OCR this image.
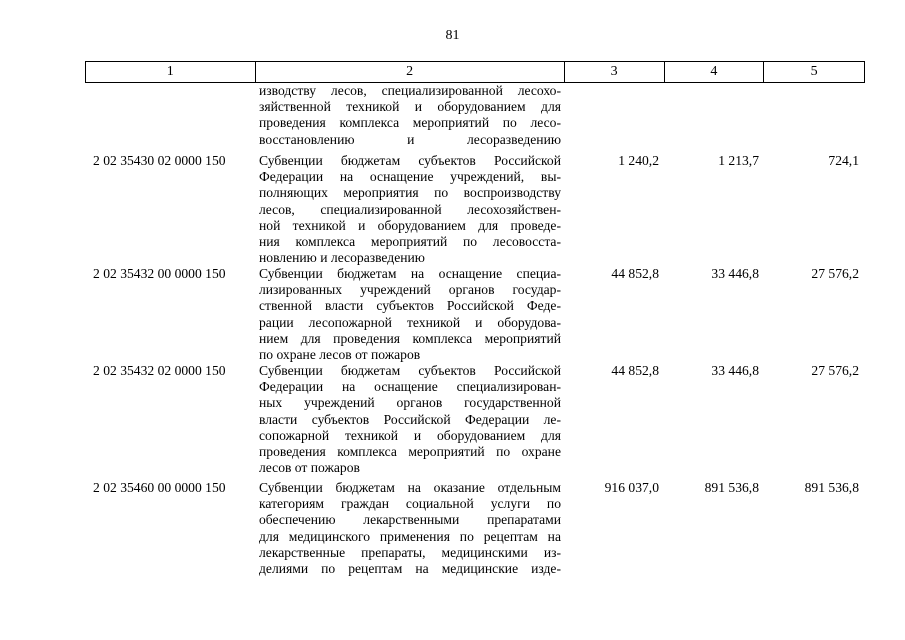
81
1	2	3	4	5
изводству лесов, специализированной лесохо-
зяйственной техникой и оборудованием для
проведения комплекса мероприятий по лесо-
восстановлению и лесоразведению
2 02 35430 02 0000 150	Субвенции бюджетам субъектов Российской
Федерации на оснащение учреждений, вы-
полняющих мероприятия по воспроизводству
лесов, специализированной лесохозяйствен-
ной техникой и оборудованием для проведе-
ния комплекса мероприятий по лесовосста-
новлению и лесоразведению
1 240,2	1 213,7	724,1
2 02 35432 00 0000 150	Субвенции бюджетам на оснащение специа-
лизированных учреждений органов государ-
ственной власти субъектов Российской Феде-
рации лесопожарной техникой и оборудова-
нием для проведения комплекса мероприятий
по охране лесов от пожаров
44 852,8	33 446,8	27 576,2
2 02 35432 02 0000 150	Субвенции бюджетам субъектов Российской
Федерации на оснащение специализирован-
ных учреждений органов государственной
власти субъектов Российской Федерации ле-
сопожарной техникой и оборудованием для
проведения комплекса мероприятий по охране
лесов от пожаров
44 852,8	33 446,8	27 576,2
2 02 35460 00 0000 150	Субвенции бюджетам на оказание отдельным
категориям граждан социальной услуги по
обеспечению лекарственными препаратами
для медицинского применения по рецептам на
лекарственные препараты, медицинскими из-
делиями по рецептам на медицинские изде-
916 037,0	891 536,8	891 536,8
